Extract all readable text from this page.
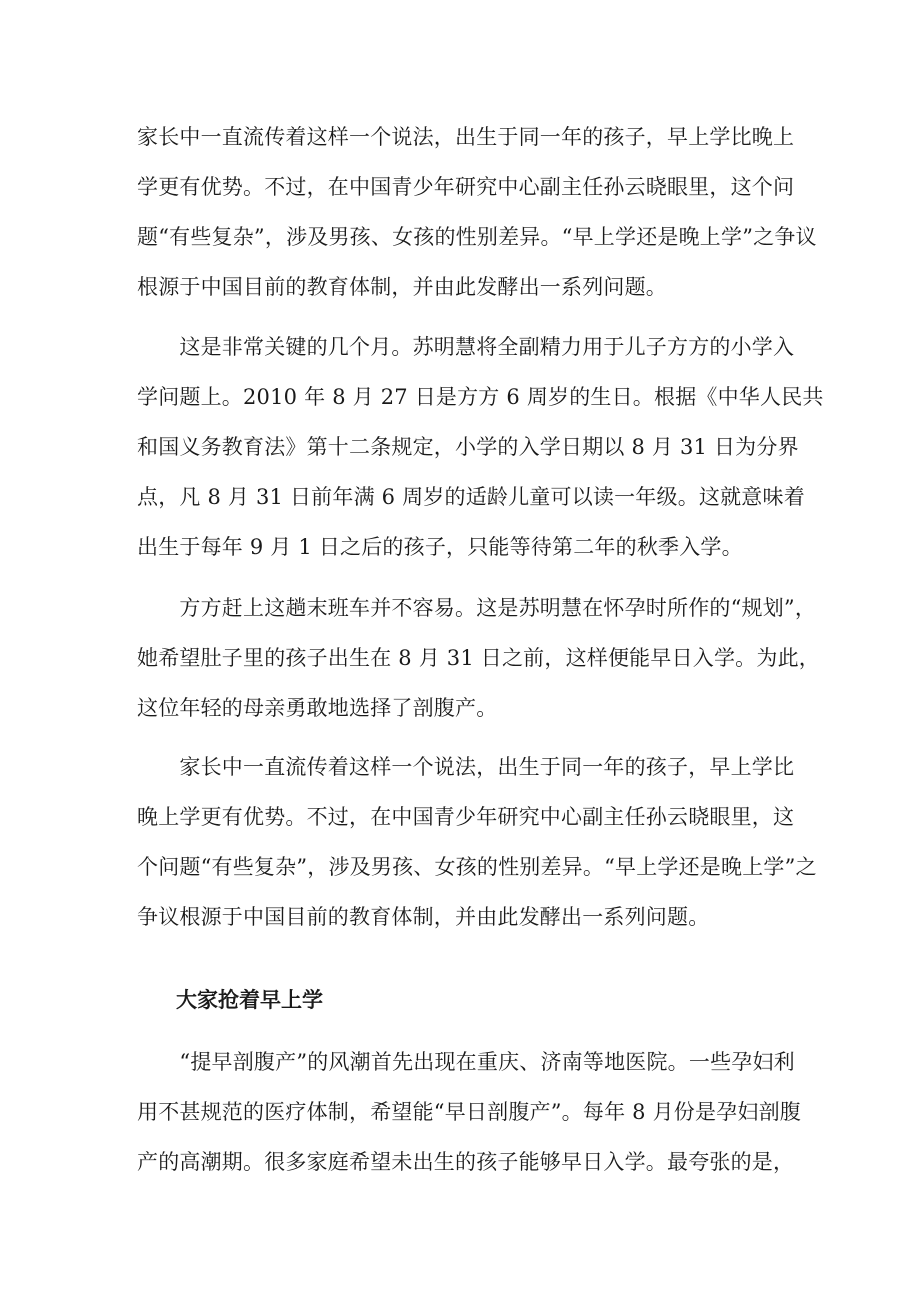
家长中一直流传着这样一个说法，出生于同一年的孩子，早上学比晚上
学更有优势。不过，在中国青少年研究中心副主任孙云晓眼里，这个问
题“有些复杂”，涉及男孩、女孩的性别差异。“早上学还是晚上学”之争议
根源于中国目前的教育体制，并由此发酵出一系列问题。

　　这是非常关键的几个月。苏明慧将全副精力用于儿子方方的小学入
学问题上。2010 年 8 月 27 日是方方 6 周岁的生日。根据《中华人民共
和国义务教育法》第十二条规定，小学的入学日期以 8 月 31 日为分界
点，凡 8 月 31 日前年满 6 周岁的适龄儿童可以读一年级。这就意味着
出生于每年 9 月 1 日之后的孩子，只能等待第二年的秋季入学。

　　方方赶上这趟末班车并不容易。这是苏明慧在怀孕时所作的“规划”，
她希望肚子里的孩子出生在 8 月 31 日之前，这样便能早日入学。为此，
这位年轻的母亲勇敢地选择了剖腹产。

　　家长中一直流传着这样一个说法，出生于同一年的孩子，早上学比
晚上学更有优势。不过，在中国青少年研究中心副主任孙云晓眼里，这
个问题“有些复杂”，涉及男孩、女孩的性别差异。“早上学还是晚上学”之
争议根源于中国目前的教育体制，并由此发酵出一系列问题。

大家抢着早上学

　　“提早剖腹产”的风潮首先出现在重庆、济南等地医院。一些孕妇利
用不甚规范的医疗体制，希望能“早日剖腹产”。每年 8 月份是孕妇剖腹
产的高潮期。很多家庭希望未出生的孩子能够早日入学。最夸张的是，
